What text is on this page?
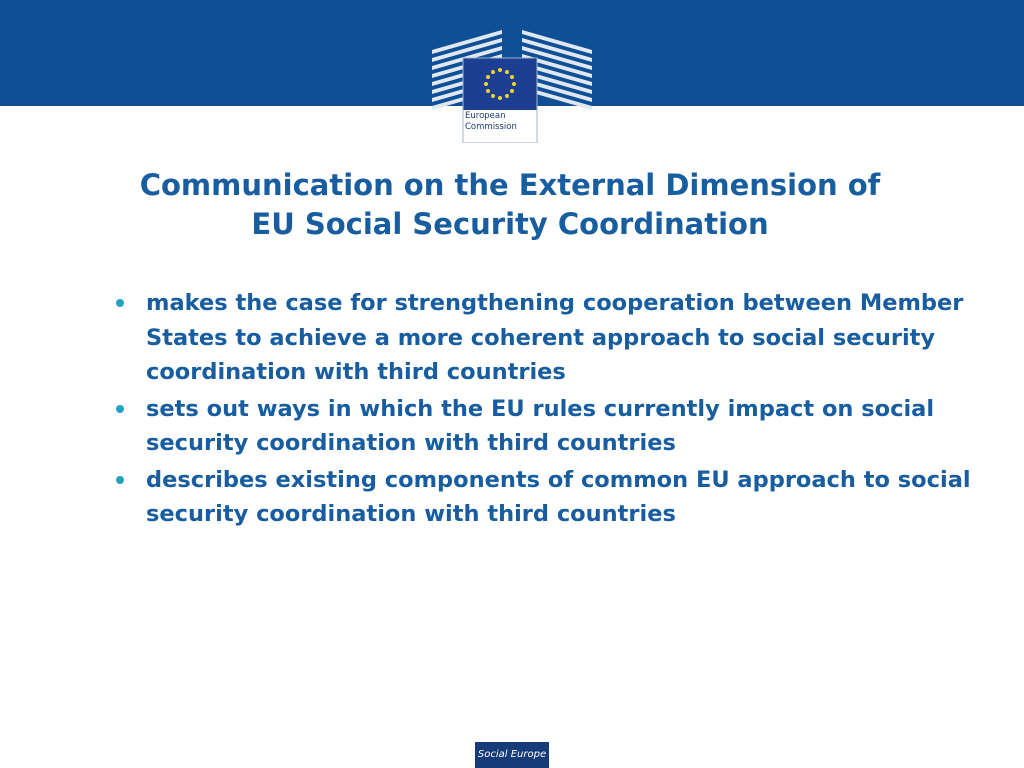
European
Commission
Communication on the External Dimension of
EU Social Security Coordination
makes the case for strengthening cooperation between Member States to achieve a more coherent approach to social security coordination with third countries
sets out ways in which the EU rules currently impact on social security coordination with third countries
describes existing components of common EU approach to social security coordination with third countries
Social Europe
